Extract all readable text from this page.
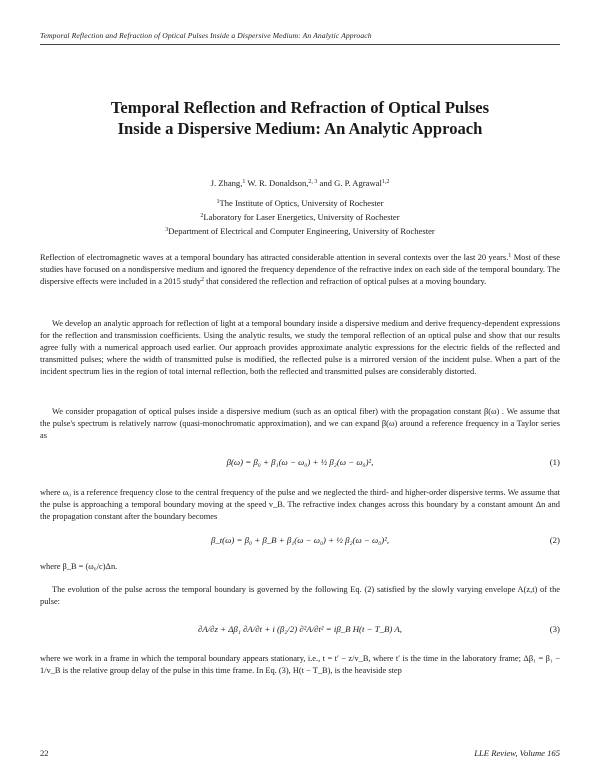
Temporal Reflection and Refraction of Optical Pulses Inside a Dispersive Medium: An Analytic Approach
Temporal Reflection and Refraction of Optical Pulses
Inside a Dispersive Medium: An Analytic Approach
J. Zhang,$^1$ W. R. Donaldson,$^{2, 3}$ and G. P. Agrawal$^{1,2}$
$^1$The Institute of Optics, University of Rochester
$^2$Laboratory for Laser Energetics, University of Rochester
$^3$Department of Electrical and Computer Engineering, University of Rochester
Reflection of electromagnetic waves at a temporal boundary has attracted considerable attention in several contexts over the last 20 years.$^1$ Most of these studies have focused on a nondispersive medium and ignored the frequency dependence of the refractive index on each side of the temporal boundary. The dispersive effects were included in a 2015 study$^2$ that considered the reflection and refraction of optical pulses at a moving boundary.
We develop an analytic approach for reflection of light at a temporal boundary inside a dispersive medium and derive frequency-dependent expressions for the reflection and transmission coefficients. Using the analytic results, we study the temporal reflection of an optical pulse and show that our results agree fully with a numerical approach used earlier. Our approach provides approximate analytic expressions for the electric fields of the reflected and transmitted pulses; where the width of transmitted pulse is modified, the reflected pulse is a mirrored version of the incident pulse. When a part of the incident spectrum lies in the region of total internal reflection, both the reflected and transmitted pulses are considerably distorted.
We consider propagation of optical pulses inside a dispersive medium (such as an optical fiber) with the propagation constant β(ω) . We assume that the pulse's spectrum is relatively narrow (quasi-monochromatic approximation), and we can expand β(ω) around a reference frequency in a Taylor series as
β(ω) = β₀ + β₁(ω − ω₀) + ½ β₂(ω − ω₀)²,	(1)
where ω₀ is a reference frequency close to the central frequency of the pulse and we neglected the third- and higher-order dispersive terms. We assume that the pulse is approaching a temporal boundary moving at the speed v_B. The refractive index changes across this boundary by a constant amount Δn and the propagation constant after the boundary becomes
β_t(ω) = β₀ + β_B + β₁(ω − ω₀) + ½ β₂(ω − ω₀)²,	(2)
where β_B = (ω₀/c)Δn.
The evolution of the pulse across the temporal boundary is governed by the following Eq. (2) satisfied by the slowly varying envelope A(z,t) of the pulse:
∂A/∂z + Δβ₁ ∂A/∂t + i (β₂/2) ∂²A/∂t² = iβ_B H(t − T_B) A,	(3)
where we work in a frame in which the temporal boundary appears stationary, i.e., t = t′ − z/v_B, where t′ is the time in the laboratory frame; Δβ₁ = β₁ − 1/v_B is the relative group delay of the pulse in this time frame. In Eq. (3), H(t − T_B), is the heaviside step
22	LLE Review, Volume 165
